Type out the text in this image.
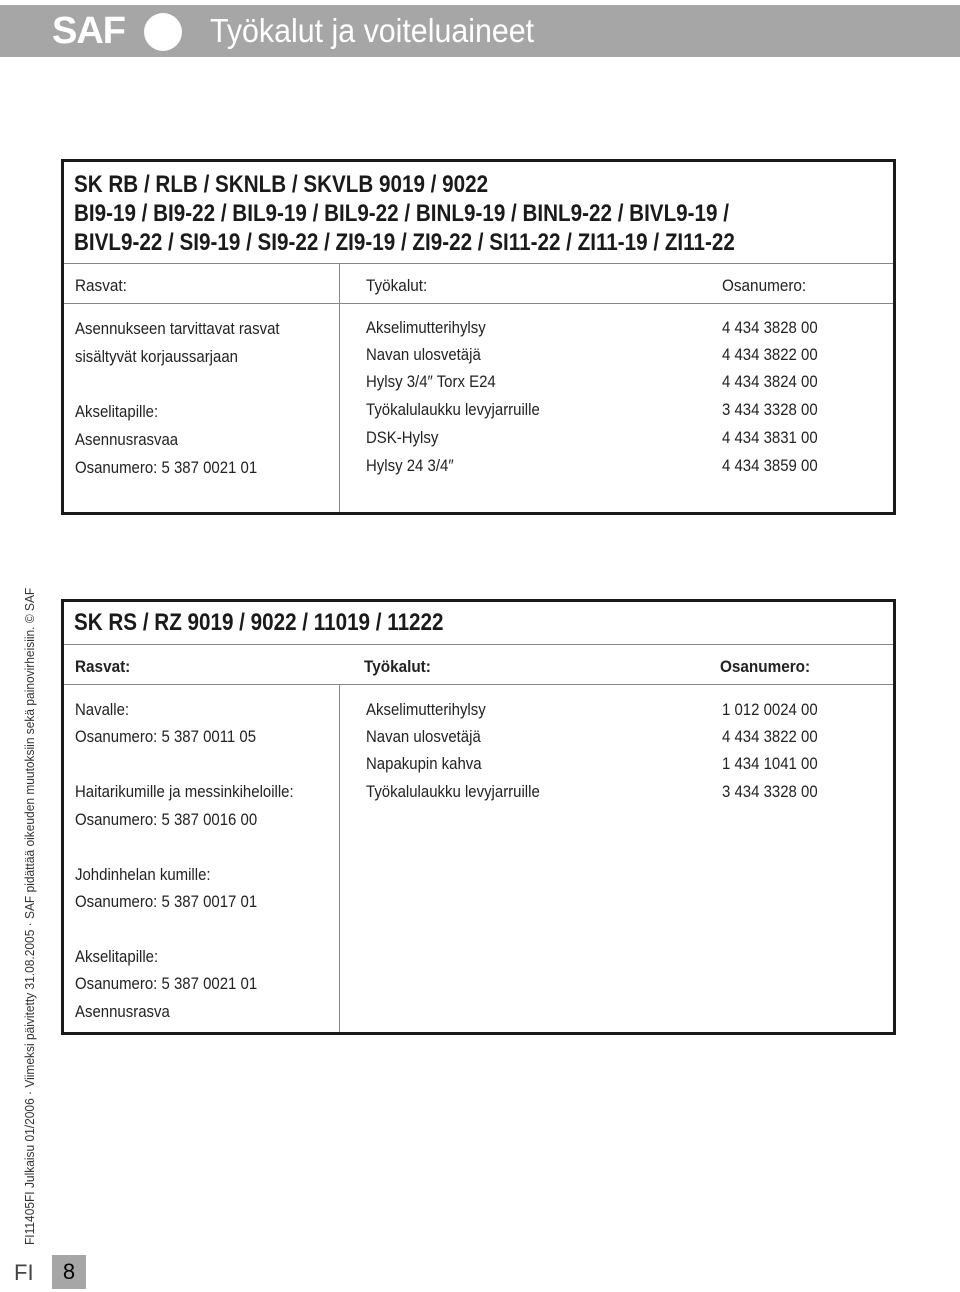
SAF	Työkalut ja voiteluaineet
SK RB / RLB / SKNLB / SKVLB 9019 / 9022
BI9-19 / BI9-22 / BIL9-19 / BIL9-22 / BINL9-19 / BINL9-22 / BIVL9-19 /
BIVL9-22 / SI9-19 / SI9-22 / ZI9-19 / ZI9-22 / SI11-22 / ZI11-19 / ZI11-22
Rasvat:	Työkalut:	Osanumero:
Asennukseen tarvittavat rasvat
sisältyvät korjaussarjaan
Akselitapille:
Asennusrasvaa
Osanumero: 5 387 0021 01
Akselimutterihylsy	4 434 3828 00
Navan ulosvetäjä	4 434 3822 00
Hylsy 3/4″ Torx E24	4 434 3824 00
Työkalulaukku levyjarruille	3 434 3328 00
DSK-Hylsy	4 434 3831 00
Hylsy 24 3/4″	4 434 3859 00
SK RS / RZ 9019 / 9022 / 11019 / 11222
Rasvat:	Työkalut:	Osanumero:
Navalle:
Osanumero: 5 387 0011 05
Haitarikumille ja messinkiheloille:
Osanumero: 5 387 0016 00
Johdinhelan kumille:
Osanumero: 5 387 0017 01
Akselitapille:
Osanumero: 5 387 0021 01
Asennusrasva
Akselimutterihylsy	1 012 0024 00
Navan ulosvetäjä	4 434 3822 00
Napakupin kahva	1 434 1041 00
Työkalulaukku levyjarruille	3 434 3328 00
FI11405FI Julkaisu 01/2006 · Viimeksi päivitetty 31.08.2005 · SAF pidättää oikeuden muutoksiin sekä painovirheisiin. © SAF
FI	8
